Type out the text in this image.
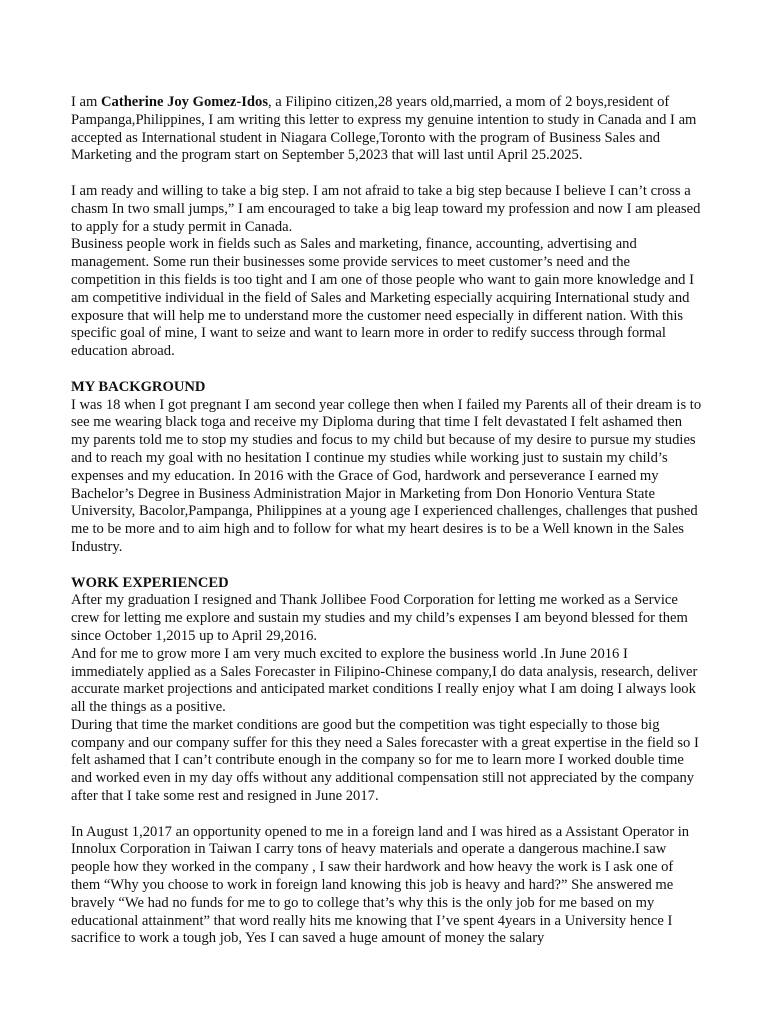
I am Catherine Joy Gomez-Idos, a Filipino citizen,28 years old,married, a mom of 2 boys,resident of Pampanga,Philippines, I am writing this letter to express my genuine intention to study in Canada and I am accepted as International student in Niagara College,Toronto with the program of Business Sales and Marketing and the program start on September 5,2023 that will last until April 25.2025.

I am ready and willing to take a big step. I am not afraid to take a big step because I believe I can’t cross a chasm In two small jumps,” I am encouraged to take a big leap toward my profession and now I am pleased to apply for a study permit in Canada.

Business people work in fields such as Sales and marketing, finance, accounting, advertising and management. Some run their businesses some provide services to meet customer’s need and the competition in this fields is too tight and I am one of those people who want to gain more knowledge and I am competitive individual in the field of Sales and Marketing especially acquiring International study and exposure that will help me to understand more the customer need especially in different nation. With this specific goal of mine, I want to seize and want to learn more in order to redify success through formal education abroad.

MY BACKGROUND

I was 18 when I got pregnant I am second year college then when I failed my Parents all of their dream is to see me wearing black toga and receive my Diploma during that time I felt devastated I felt ashamed then my parents told me to stop my studies and focus to my child but because of my desire to pursue my studies and to reach my goal with no hesitation I continue my studies while working just to sustain my child’s expenses and my education. In 2016 with the Grace of God, hardwork and perseverance I earned my Bachelor’s Degree in Business Administration Major in Marketing from Don Honorio Ventura State University, Bacolor,Pampanga, Philippines at a young age I experienced challenges, challenges that pushed me to be more and to aim high and to follow for what my heart desires is to be a Well known in the Sales Industry.

WORK EXPERIENCED

After my graduation I resigned and Thank Jollibee Food Corporation for letting me worked as a Service crew for letting me explore and sustain my studies and my child’s expenses I am beyond blessed for them since October 1,2015 up to April 29,2016.

And for me to grow more I am very much excited to explore the business world .In June 2016 I immediately applied as a Sales Forecaster in Filipino-Chinese company,I do data analysis, research, deliver accurate market projections and anticipated market conditions I really enjoy what I am doing I always look all the things as a positive.

During that time the market conditions are good but the competition was tight especially to those big company and our company suffer for this they need a Sales forecaster with a great expertise in the field so I felt ashamed that I can’t contribute enough in the company so for me to learn more I worked double time and worked even in my day offs without any additional compensation still not appreciated by the company after that I take some rest and resigned in June 2017.

In August 1,2017 an opportunity opened to me in a foreign land and I was hired as a Assistant Operator in Innolux Corporation in Taiwan I carry tons of heavy materials and operate a dangerous machine.I saw people how they worked in the company , I saw their hardwork and how heavy the work is I ask one of them “Why you choose to work in foreign land knowing this job is heavy and hard?” She answered me bravely “We had no funds for me to go to college that’s why this is the only job for me based on my educational attainment” that word really hits me knowing that I’ve spent 4years in a University hence I sacrifice to work a tough job, Yes I can saved a huge amount of money the salary
